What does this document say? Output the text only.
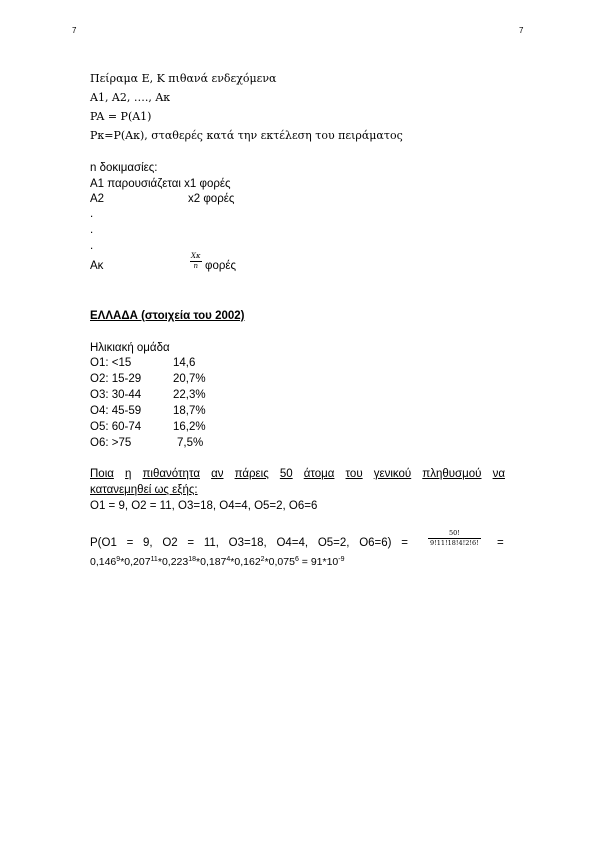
7	7
Πείραμα Ε, Κ πιθανά ενδεχόμενα
Α1, Α2, …., Ακ
PA = P(A1)
Pκ=P(Aκ), σταθερές κατά την εκτέλεση του πειράματος
n δοκιμασίες:
Α1 παρουσιάζεται x1 φορές
Α2	x2 φορές
.
.
.
Ακ	$\frac{X\kappa}{n}$ φορές
ΕΛΛΑΔΑ (στοιχεία του 2002)
Ηλικιακή ομάδα
Ο1: <15	14,6
Ο2: 15-29	20,7%
Ο3: 30-44	22,3%
Ο4: 45-59	18,7%
Ο5: 60-74	16,2%
Ο6: >75	7,5%
Ποια η πιθανότητα αν πάρεις 50 άτομα του γενικού πληθυσμού να
κατανεμηθεί ως εξής:
Ο1 = 9, Ο2 = 11, Ο3=18, Ο4=4, Ο5=2, Ο6=6
P(O1 = 9, O2 = 11, O3=18, O4=4, O5=2, O6=6) =	$\frac{50!}{9!11!18!4!2!6!}$ =
$0,146^9*0,207^{11}*0,223^{18}*0,187^4*0,162^2*0,075^6 = 91*10^{-9}$
